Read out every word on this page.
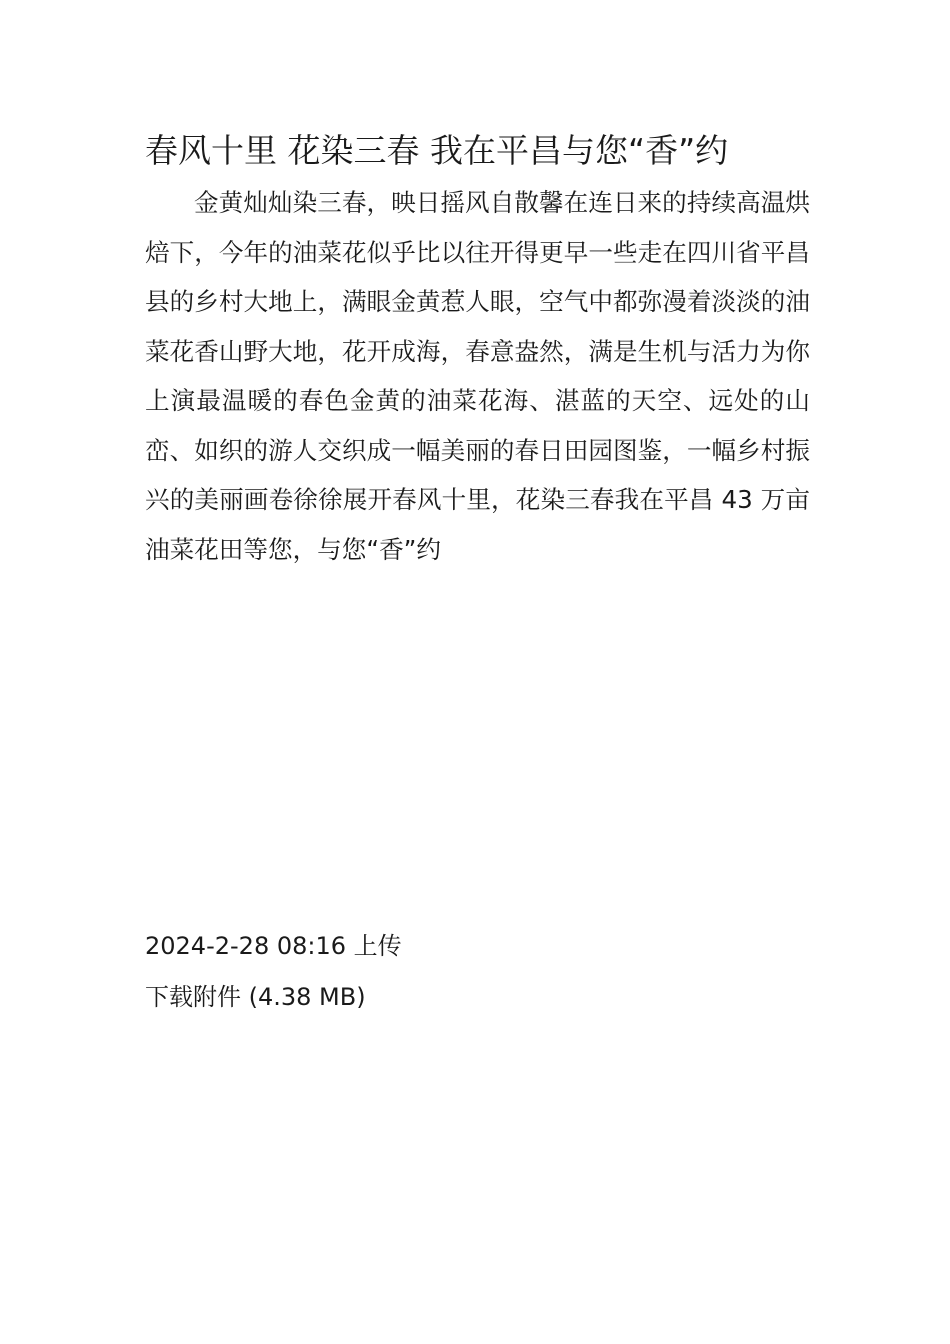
春风十里 花染三春 我在平昌与您“香”约

金黄灿灿染三春，映日摇风自散馨在连日来的持续高温烘焙下，今年的油菜花似乎比以往开得更早一些走在四川省平昌县的乡村大地上，满眼金黄惹人眼，空气中都弥漫着淡淡的油菜花香山野大地，花开成海，春意盎然，满是生机与活力为你上演最温暖的春色金黄的油菜花海、湛蓝的天空、远处的山峦、如织的游人交织成一幅美丽的春日田园图鉴，一幅乡村振兴的美丽画卷徐徐展开春风十里，花染三春我在平昌 43 万亩油菜花田等您，与您“香”约

2024-2-28 08:16 上传
下载附件 (4.38 MB)
